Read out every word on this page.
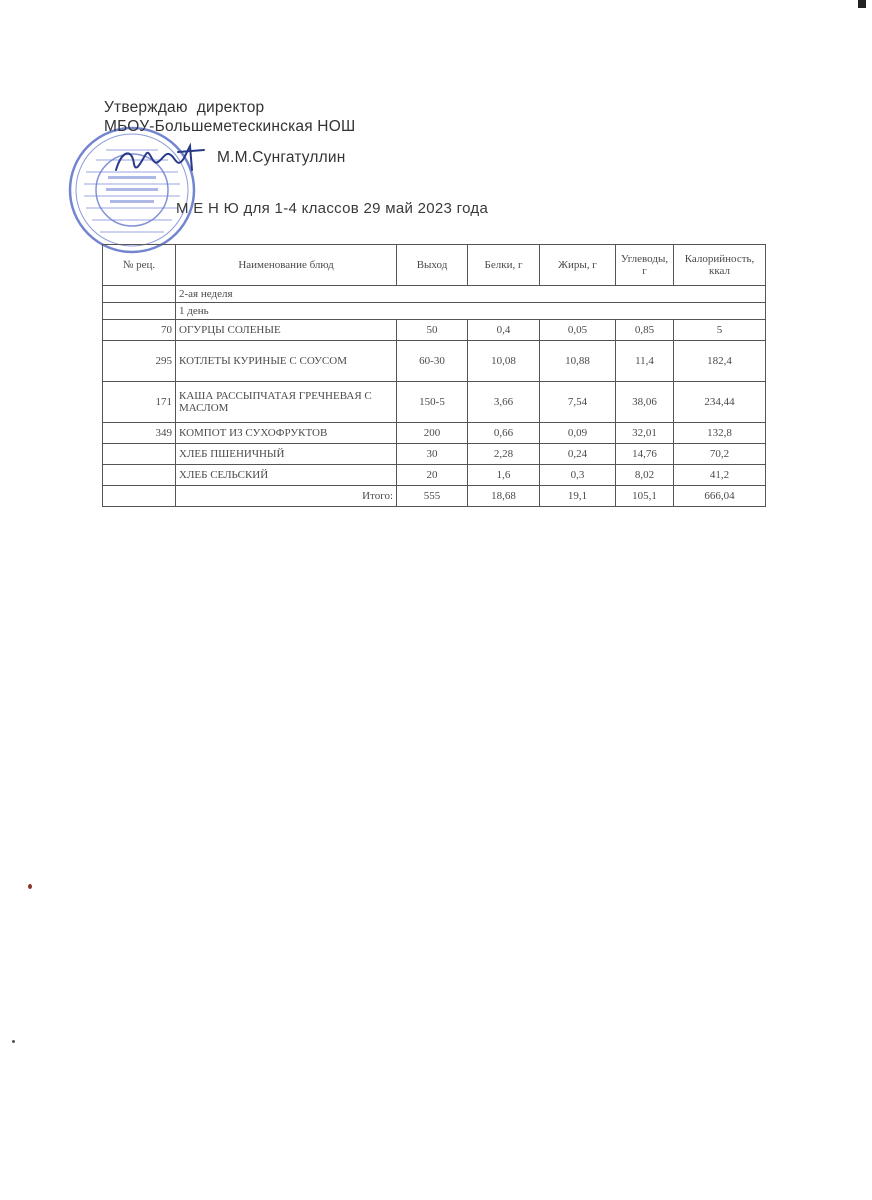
Утверждаю  директор
МБОУ-Большеметескинская НОШ
М.М.Сунгатуллин
М Е Н Ю для 1-4 классов 29 май 2023 года
№ рец.	Наименование блюд	Выход	Белки, г	Жиры, г	Углеводы, г	Калорийность, ккал
	2-ая неделя					
	1 день					
70	ОГУРЦЫ СОЛЕНЫЕ	50	0,4	0,05	0,85	5
295	КОТЛЕТЫ КУРИНЫЕ С СОУСОМ	60-30	10,08	10,88	11,4	182,4
171	КАША РАССЫПЧАТАЯ ГРЕЧНЕВАЯ С МАСЛОМ	150-5	3,66	7,54	38,06	234,44
349	КОМПОТ ИЗ СУХОФРУКТОВ	200	0,66	0,09	32,01	132,8
	ХЛЕБ ПШЕНИЧНЫЙ	30	2,28	0,24	14,76	70,2
	ХЛЕБ СЕЛЬСКИЙ	20	1,6	0,3	8,02	41,2
	Итого:	555	18,68	19,1	105,1	666,04
